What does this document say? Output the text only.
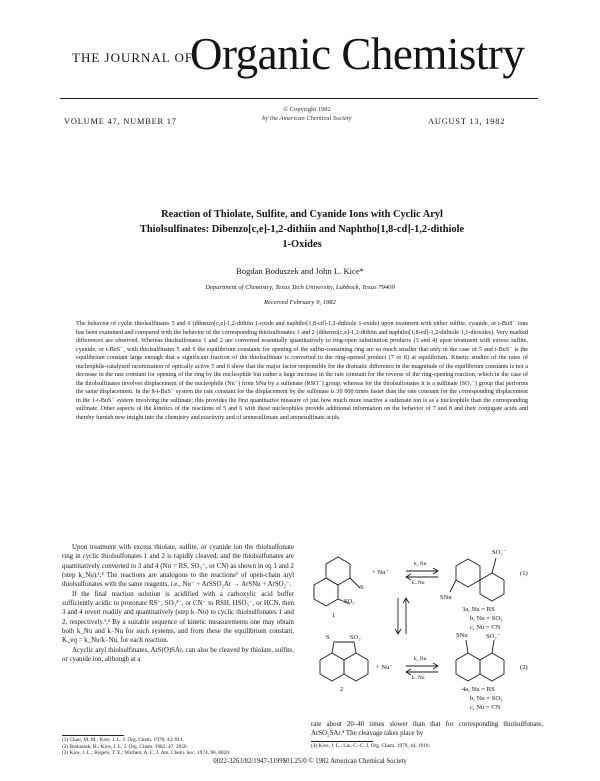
THE JOURNAL OF
Organic Chemistry
VOLUME 47, NUMBER 17
© Copyright 1982
by the American Chemical Society	AUGUST 13, 1982
Reaction of Thiolate, Sulfite, and Cyanide Ions with Cyclic Aryl
Thiolsulfinates: Dibenzo[c,e]-1,2-dithiin and Naphtho[1,8-cd]-1,2-dithiole
1-Oxides
Bogdan Boduszek and John L. Kice*
Department of Chemistry, Texas Tech University, Lubbock, Texas 79409
Received February 9, 1982
The behavior of cyclic thiolsulfinates 5 and 6 (dibenzo[c,e]-1,2-dithiin 1-oxide and naphtho[1,8-cd]-1,2-dithiole 1-oxide) upon treatment with either sulfite, cyanide, or t-BuS⁻ ions has been examined and compared with the behavior of the corresponding thiolsulfonates 1 and 2 (dibenzo[c,e]-1,2-dithiin and naphtho[1,8-cd]-1,2-dithiole 1,1-dioxides). Very marked differences are observed. Whereas thiolsulfonates 1 and 2 are converted essentially quantitatively to ring-open substitution products (3 and 4) upon treatment with excess sulfite, cyanide, or t-BuS⁻, with thiolsulfinates 5 and 6 the equilibrium constants for opening of the sulfur-containing ring are so much smaller that only in the case of 5 and t-BuS⁻ is the equilibrium constant large enough that a significant fraction of the thiolsulfinate is converted to the ring-opened product (7 or 8) at equilibrium. Kinetic studies of the rates of nucleophile-catalyzed racemization of optically active 5 and 6 show that the major factor responsible for the dramatic difference in the magnitude of the equilibrium constants is not a decrease in the rate constant for opening of the ring by the nucleophile but rather a huge increase in the rate constant for the reverse of the ring-opening reaction, which in the case of the thiolsulfinates involves displacement of the nucleophile (Nu⁻) from SNu by a sulfenate (RSO⁻) group, whereas for the thiolsulfonates it is a sulfinate (SO₂⁻) group that performs the same displacement. In the 8-t-BuS⁻ system the rate constant for the displacement by the sulfenate is 30 000 times faster than the rate constant for the corresponding displacement in the 1-t-BuS⁻ system involving the sulfinate; this provides the first quantitative measure of just how much more reactive a sulfenate ion is as a nucleophile than the corresponding sulfinate. Other aspects of the kinetics of the reactions of 5 and 6 with these nucleophiles provide additional information on the behavior of 7 and 8 and their conjugate acids and thereby furnish new insight into the chemistry and reactivity and of arenesulfenate and arenesulfinate acids.

Upon treatment with excess thiolate, sulfite, or cyanide ion the thiolsulfonate ring in cyclic thiolsulfonates 1 and 2 is rapidly cleaved, and the thiolsulfonates are quantitatively converted to 3 and 4 (Nu = RS, SO₃⁻, or CN) as shown in eq 1 and 2 (step k_Nu).¹,² The reactions are analogous to the reactions³ of open-chain aryl thiolsulfonates with the same reagents, i.e., Nu⁻ + ArSSO₂Ar → ArSNu + ArSO₂⁻.

If the final reaction solution is acidified with a carboxylic acid buffer sufficiently acidic to protonate RS⁻, SO₃²⁻, or CN⁻ to RSH, HSO₃⁻, or HCN, then 3 and 4 revert readily and quantitatively (step k₋Nu) to cyclic thiolsulfonates 1 and 2, respectively.¹,² By a suitable sequence of kinetic measurements one may obtain both k_Nu and k₋Nu for such systems, and from these the equilibrium constant, K_eq = k_Nu/k₋Nu, for each reaction.

Acyclic aryl thiolsulfinates, ArS(O)SAr, can also be cleaved by thiolate, sulfite, or cyanide ion, although at a

(1) Chau, M. M.; Kice, J. L. J. Org. Chem. 1978, 43, 914.
(2) Boduszek, B.; Kice, J. L. J. Org. Chem. 1982, 47, 3050.
(3) Kice, J. L.; Rogers, T. E.; Warheit, A. C. J. Am. Chem. Soc. 1974, 96, 8020.
rate about 20–40 times slower than that for corresponding thiolsulfonate, ArSO₂SAr.⁴ The cleavage takes place by
(4) Kice, J. L.; Liu, C.-C. J. Org. Chem. 1979, 44, 1918.
0022-3263/82/1947-3199$01.25/0 © 1982 American Chemical Society
SO₂
S
1
+ Nu⁻
k_Nu
k₋Nu
SO₂⁻
SNu
(1)
3a, Nu = RS
b, Nu = SO₃
c, Nu = CN
S	SO₂
2
+ Nu⁻
k_Nu
k₋Nu
SNu	SO₂⁻
(2)
4a, Nu = RS
b, Nu = SO₃
c, Nu = CN
